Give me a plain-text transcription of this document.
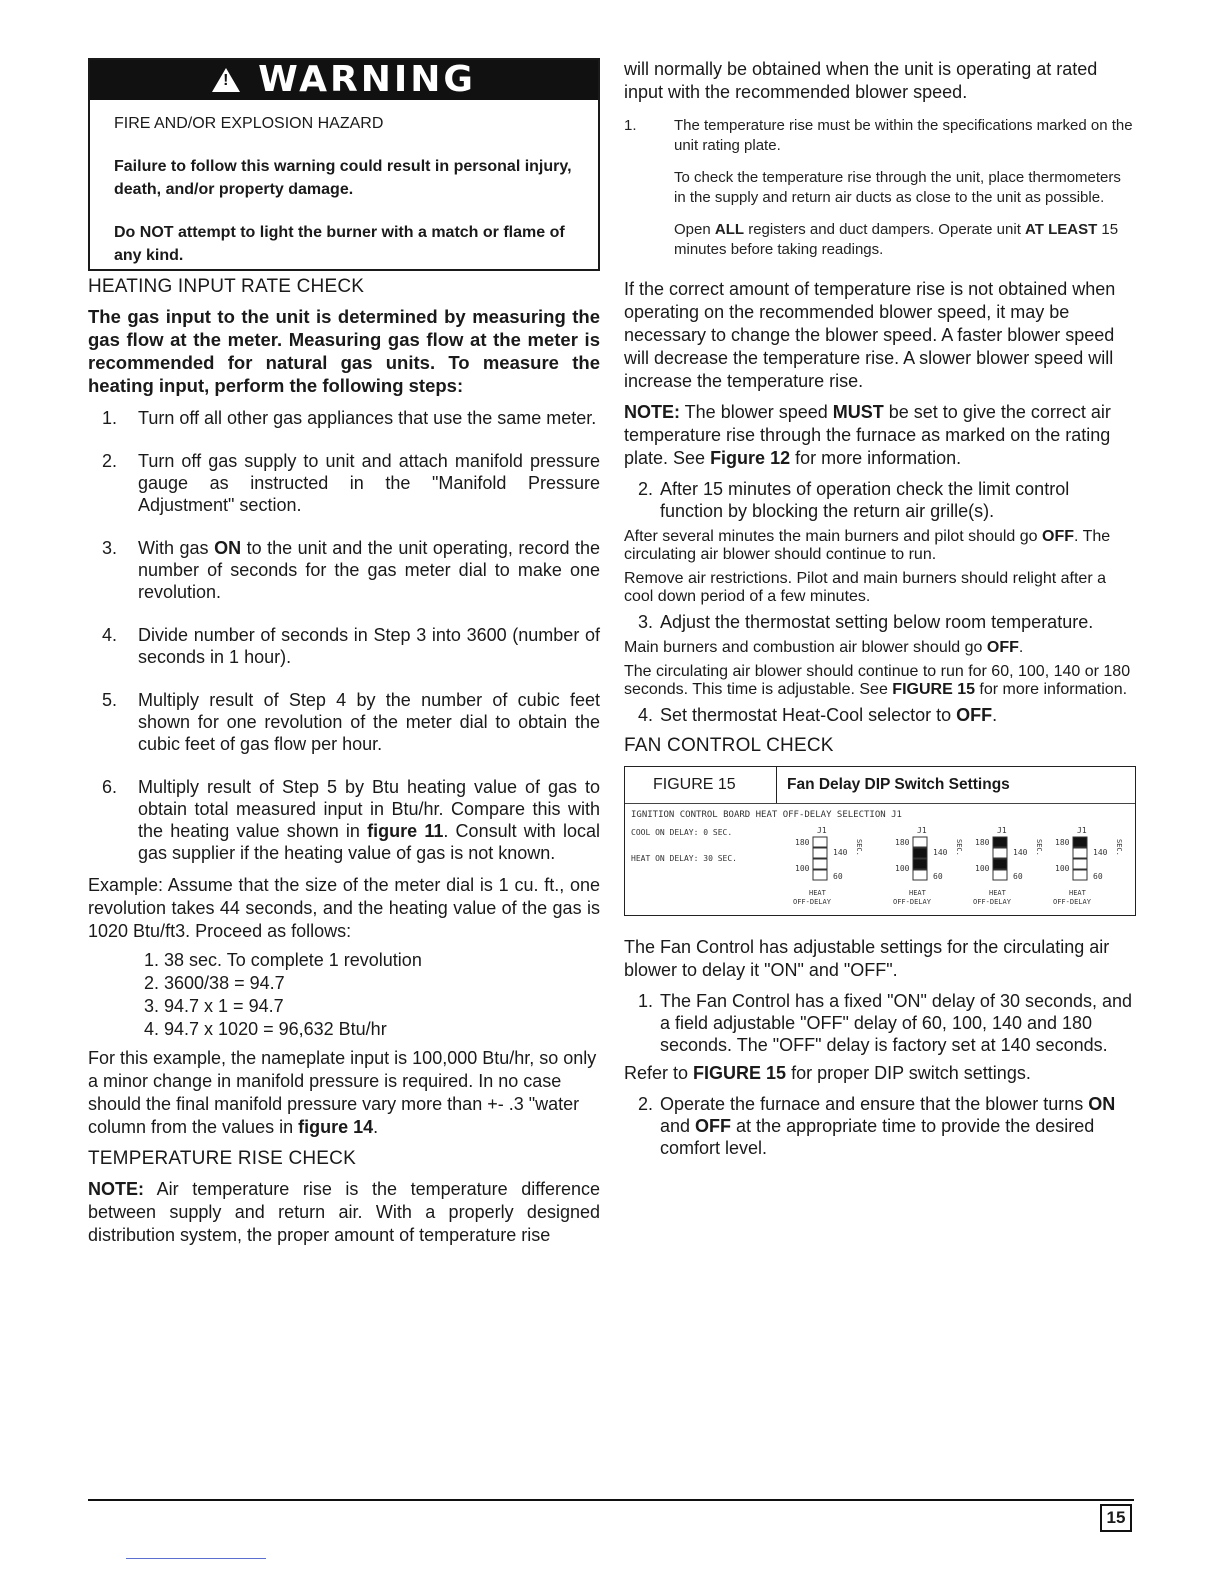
! WARNING

FIRE AND/OR EXPLOSION HAZARD

Failure to follow this warning could result in personal injury, death, and/or property damage.

Do NOT attempt to light the burner with a match or flame of any kind.

HEATING INPUT RATE CHECK

The gas input to the unit is determined by measuring the gas flow at the meter. Measuring gas flow at the meter is recommended for natural gas units. To measure the heating input, perform the following steps:

1.	Turn off all other gas appliances that use the same meter.
2.	Turn off gas supply to unit and attach manifold pressure gauge as instructed in the "Manifold Pressure Adjustment" section.
3.	With gas ON to the unit and the unit operating, record the number of seconds for the gas meter dial to make one revolution.
4.	Divide number of seconds in Step 3 into 3600 (number of seconds in 1 hour).
5.	Multiply result of Step 4 by the number of cubic feet shown for one revolution of the meter dial to obtain the cubic feet of gas flow per hour.
6.	Multiply result of Step 5 by Btu heating value of gas to obtain total measured input in Btu/hr. Compare this with the heating value shown in figure 11. Consult with local gas supplier if the heating value of gas is not known.

Example: Assume that the size of the meter dial is 1 cu. ft., one revolution takes 44 seconds, and the heating value of the gas is 1020 Btu/ft3. Proceed as follows:

1. 38 sec. To complete 1 revolution
2. 3600/38 = 94.7
3. 94.7 x 1 = 94.7
4. 94.7 x 1020 = 96,632 Btu/hr

For this example, the nameplate input is 100,000 Btu/hr, so only a minor change in manifold pressure is required. In no case should the final manifold pressure vary more than +- .3 "water column from the values in figure 14.

TEMPERATURE RISE CHECK

NOTE: Air temperature rise is the temperature difference between supply and return air. With a properly designed distribution system, the proper amount of temperature rise

will normally be obtained when the unit is operating at rated input with the recommended blower speed.

1.	The temperature rise must be within the specifications marked on the unit rating plate.

To check the temperature rise through the unit, place thermometers in the supply and return air ducts as close to the unit as possible.

Open ALL registers and duct dampers. Operate unit AT LEAST 15 minutes before taking readings.

If the correct amount of temperature rise is not obtained when operating on the recommended blower speed, it may be necessary to change the blower speed. A faster blower speed will decrease the temperature rise. A slower blower speed will increase the temperature rise.

NOTE: The blower speed MUST be set to give the correct air temperature rise through the furnace as marked on the rating plate. See Figure 12 for more information.

2. After 15 minutes of operation check the limit control function by blocking the return air grille(s).

After several minutes the main burners and pilot should go OFF. The circulating air blower should continue to run.

Remove air restrictions. Pilot and main burners should relight after a cool down period of a few minutes.

3. Adjust the thermostat setting below room temperature.

Main burners and combustion air blower should go OFF.

The circulating air blower should continue to run for 60, 100, 140 or 180 seconds. This time is adjustable. See FIGURE 15 for more information.

4. Set thermostat Heat-Cool selector to OFF.
FAN CONTROL CHECK
FIGURE 15	Fan Delay DIP Switch Settings
IGNITION CONTROL BOARD HEAT OFF-DELAY SELECTION J1
COOL ON DELAY: 0 SEC.
HEAT ON DELAY: 30 SEC.
J1
180
100
140
60
SEC.
HEAT
OFF-DELAY
J1
180
100
140
60
SEC.
HEAT
OFF-DELAY
J1
180
100
140
60
SEC.
HEAT
OFF-DELAY
J1
180
100
140
60
SEC.
HEAT
OFF-DELAY

The Fan Control has adjustable settings for the circulating air blower to delay it "ON" and "OFF".

1. The Fan Control has a fixed "ON" delay of 30 seconds, and a field adjustable "OFF" delay of 60, 100, 140 and 180 seconds. The "OFF" delay is factory set at 140 seconds.

Refer to FIGURE 15 for proper DIP switch settings.

2. Operate the furnace and ensure that the blower turns ON and OFF at the appropriate time to provide the desired comfort level.
15
